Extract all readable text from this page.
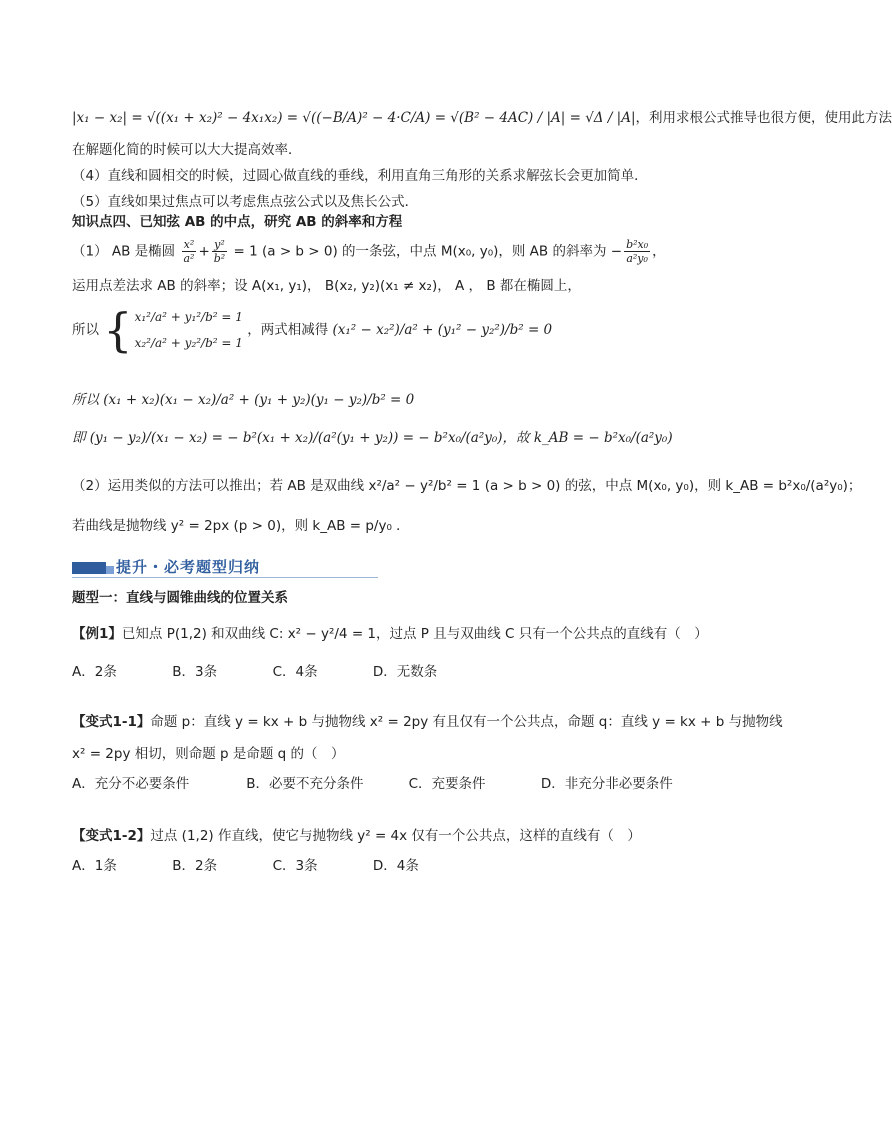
|x₁ − x₂| = √((x₁ + x₂)² − 4x₁x₂) = √((−B/A)² − 4·C/A) = √(B² − 4AC) / |A| = √Δ / |A|，利用求根公式推导也很方便，使用此方法
在解题化简的时候可以大大提高效率．
（4）直线和圆相交的时候，过圆心做直线的垂线，利用直角三角形的关系求解弦长会更加简单．
（5）直线如果过焦点可以考虑焦点弦公式以及焦长公式．
知识点四、已知弦 AB 的中点，研究 AB 的斜率和方程
（1） AB 是椭圆 $\frac{\text{x²}}{\text{a²}} + \frac{\text{y²}}{\text{b²}} = 1$ (a > b > 0) 的一条弦，中点 M(x₀, y₀)，则 AB 的斜率为 − $\frac{\text{b²x₀}}{\text{a²y₀}}$ ，
运用点差法求 AB 的斜率；设 A(x₁, y₁)， B(x₂, y₂)(x₁ ≠ x₂)， A ， B 都在椭圆上，
所以 { x₁²/a² + y₁²/b² = 1
x₂²/a² + y₂²/b² = 1
，两式相减得 (x₁² − x₂²)/a² + (y₁² − y₂²)/b² = 0
所以 (x₁ + x₂)(x₁ − x₂)/a² + (y₁ + y₂)(y₁ − y₂)/b² = 0
即 (y₁ − y₂)/(x₁ − x₂) = − b²(x₁ + x₂)/(a²(y₁ + y₂)) = − b²x₀/(a²y₀)，故 k_AB = − b²x₀/(a²y₀)
（2）运用类似的方法可以推出；若 AB 是双曲线 x²/a² − y²/b² = 1 (a > b > 0) 的弦，中点 M(x₀, y₀)，则 k_AB = b²x₀/(a²y₀)；
若曲线是抛物线 y² = 2px (p > 0)，则 k_AB = p/y₀ ．
提升・必考题型归纳
题型一：直线与圆锥曲线的位置关系
【例1】已知点 P(1,2) 和双曲线 C: x² − y²/4 = 1，过点 P 且与双曲线 C 只有一个公共点的直线有（　）
A．2条	B．3条	C．4条	D．无数条
【变式1-1】命题 p：直线 y = kx + b 与抛物线 x² = 2py 有且仅有一个公共点，命题 q：直线 y = kx + b 与抛物线
x² = 2py 相切，则命题 p 是命题 q 的（　）
A．充分不必要条件	B．必要不充分条件	C．充要条件	D．非充分非必要条件
【变式1-2】过点 (1,2) 作直线，使它与抛物线 y² = 4x 仅有一个公共点，这样的直线有（　）
A．1条	B．2条	C．3条	D．4条
